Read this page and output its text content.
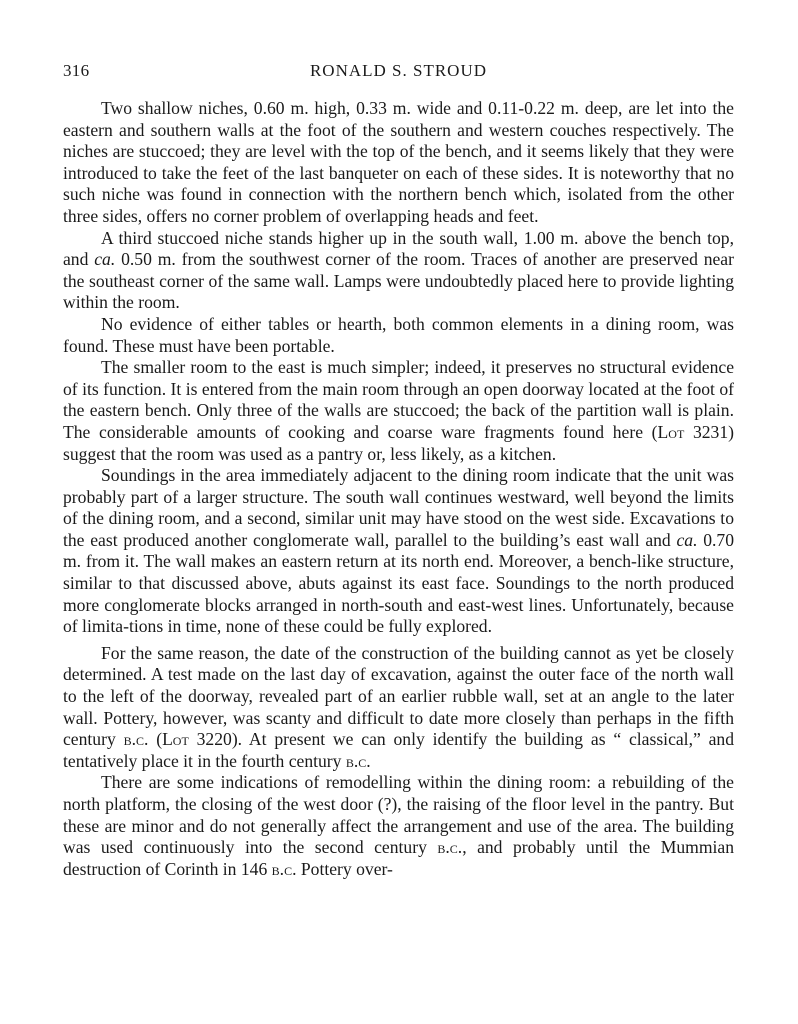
316	RONALD S. STROUD

Two shallow niches, 0.60 m. high, 0.33 m. wide and 0.11-0.22 m. deep, are let into the eastern and southern walls at the foot of the southern and western couches respectively. The niches are stuccoed; they are level with the top of the bench, and it seems likely that they were introduced to take the feet of the last banqueter on each of these sides. It is noteworthy that no such niche was found in connection with the northern bench which, isolated from the other three sides, offers no corner problem of overlapping heads and feet.

A third stuccoed niche stands higher up in the south wall, 1.00 m. above the bench top, and ca. 0.50 m. from the southwest corner of the room. Traces of another are preserved near the southeast corner of the same wall. Lamps were undoubtedly placed here to provide lighting within the room.

No evidence of either tables or hearth, both common elements in a dining room, was found. These must have been portable.

The smaller room to the east is much simpler; indeed, it preserves no structural evidence of its function. It is entered from the main room through an open doorway located at the foot of the eastern bench. Only three of the walls are stuccoed; the back of the partition wall is plain. The considerable amounts of cooking and coarse ware fragments found here (Lot 3231) suggest that the room was used as a pantry or, less likely, as a kitchen.

Soundings in the area immediately adjacent to the dining room indicate that the unit was probably part of a larger structure. The south wall continues westward, well beyond the limits of the dining room, and a second, similar unit may have stood on the west side. Excavations to the east produced another conglomerate wall, parallel to the building’s east wall and ca. 0.70 m. from it. The wall makes an eastern return at its north end. Moreover, a bench-like structure, similar to that discussed above, abuts against its east face. Soundings to the north produced more conglomerate blocks arranged in north-south and east-west lines. Unfortunately, because of limita-tions in time, none of these could be fully explored.

For the same reason, the date of the construction of the building cannot as yet be closely determined. A test made on the last day of excavation, against the outer face of the north wall to the left of the doorway, revealed part of an earlier rubble wall, set at an angle to the later wall. Pottery, however, was scanty and difficult to date more closely than perhaps in the fifth century b.c. (Lot 3220). At present we can only identify the building as “ classical,” and tentatively place it in the fourth century b.c.

There are some indications of remodelling within the dining room: a rebuilding of the north platform, the closing of the west door (?), the raising of the floor level in the pantry. But these are minor and do not generally affect the arrangement and use of the area. The building was used continuously into the second century b.c., and probably until the Mummian destruction of Corinth in 146 b.c. Pottery over-
